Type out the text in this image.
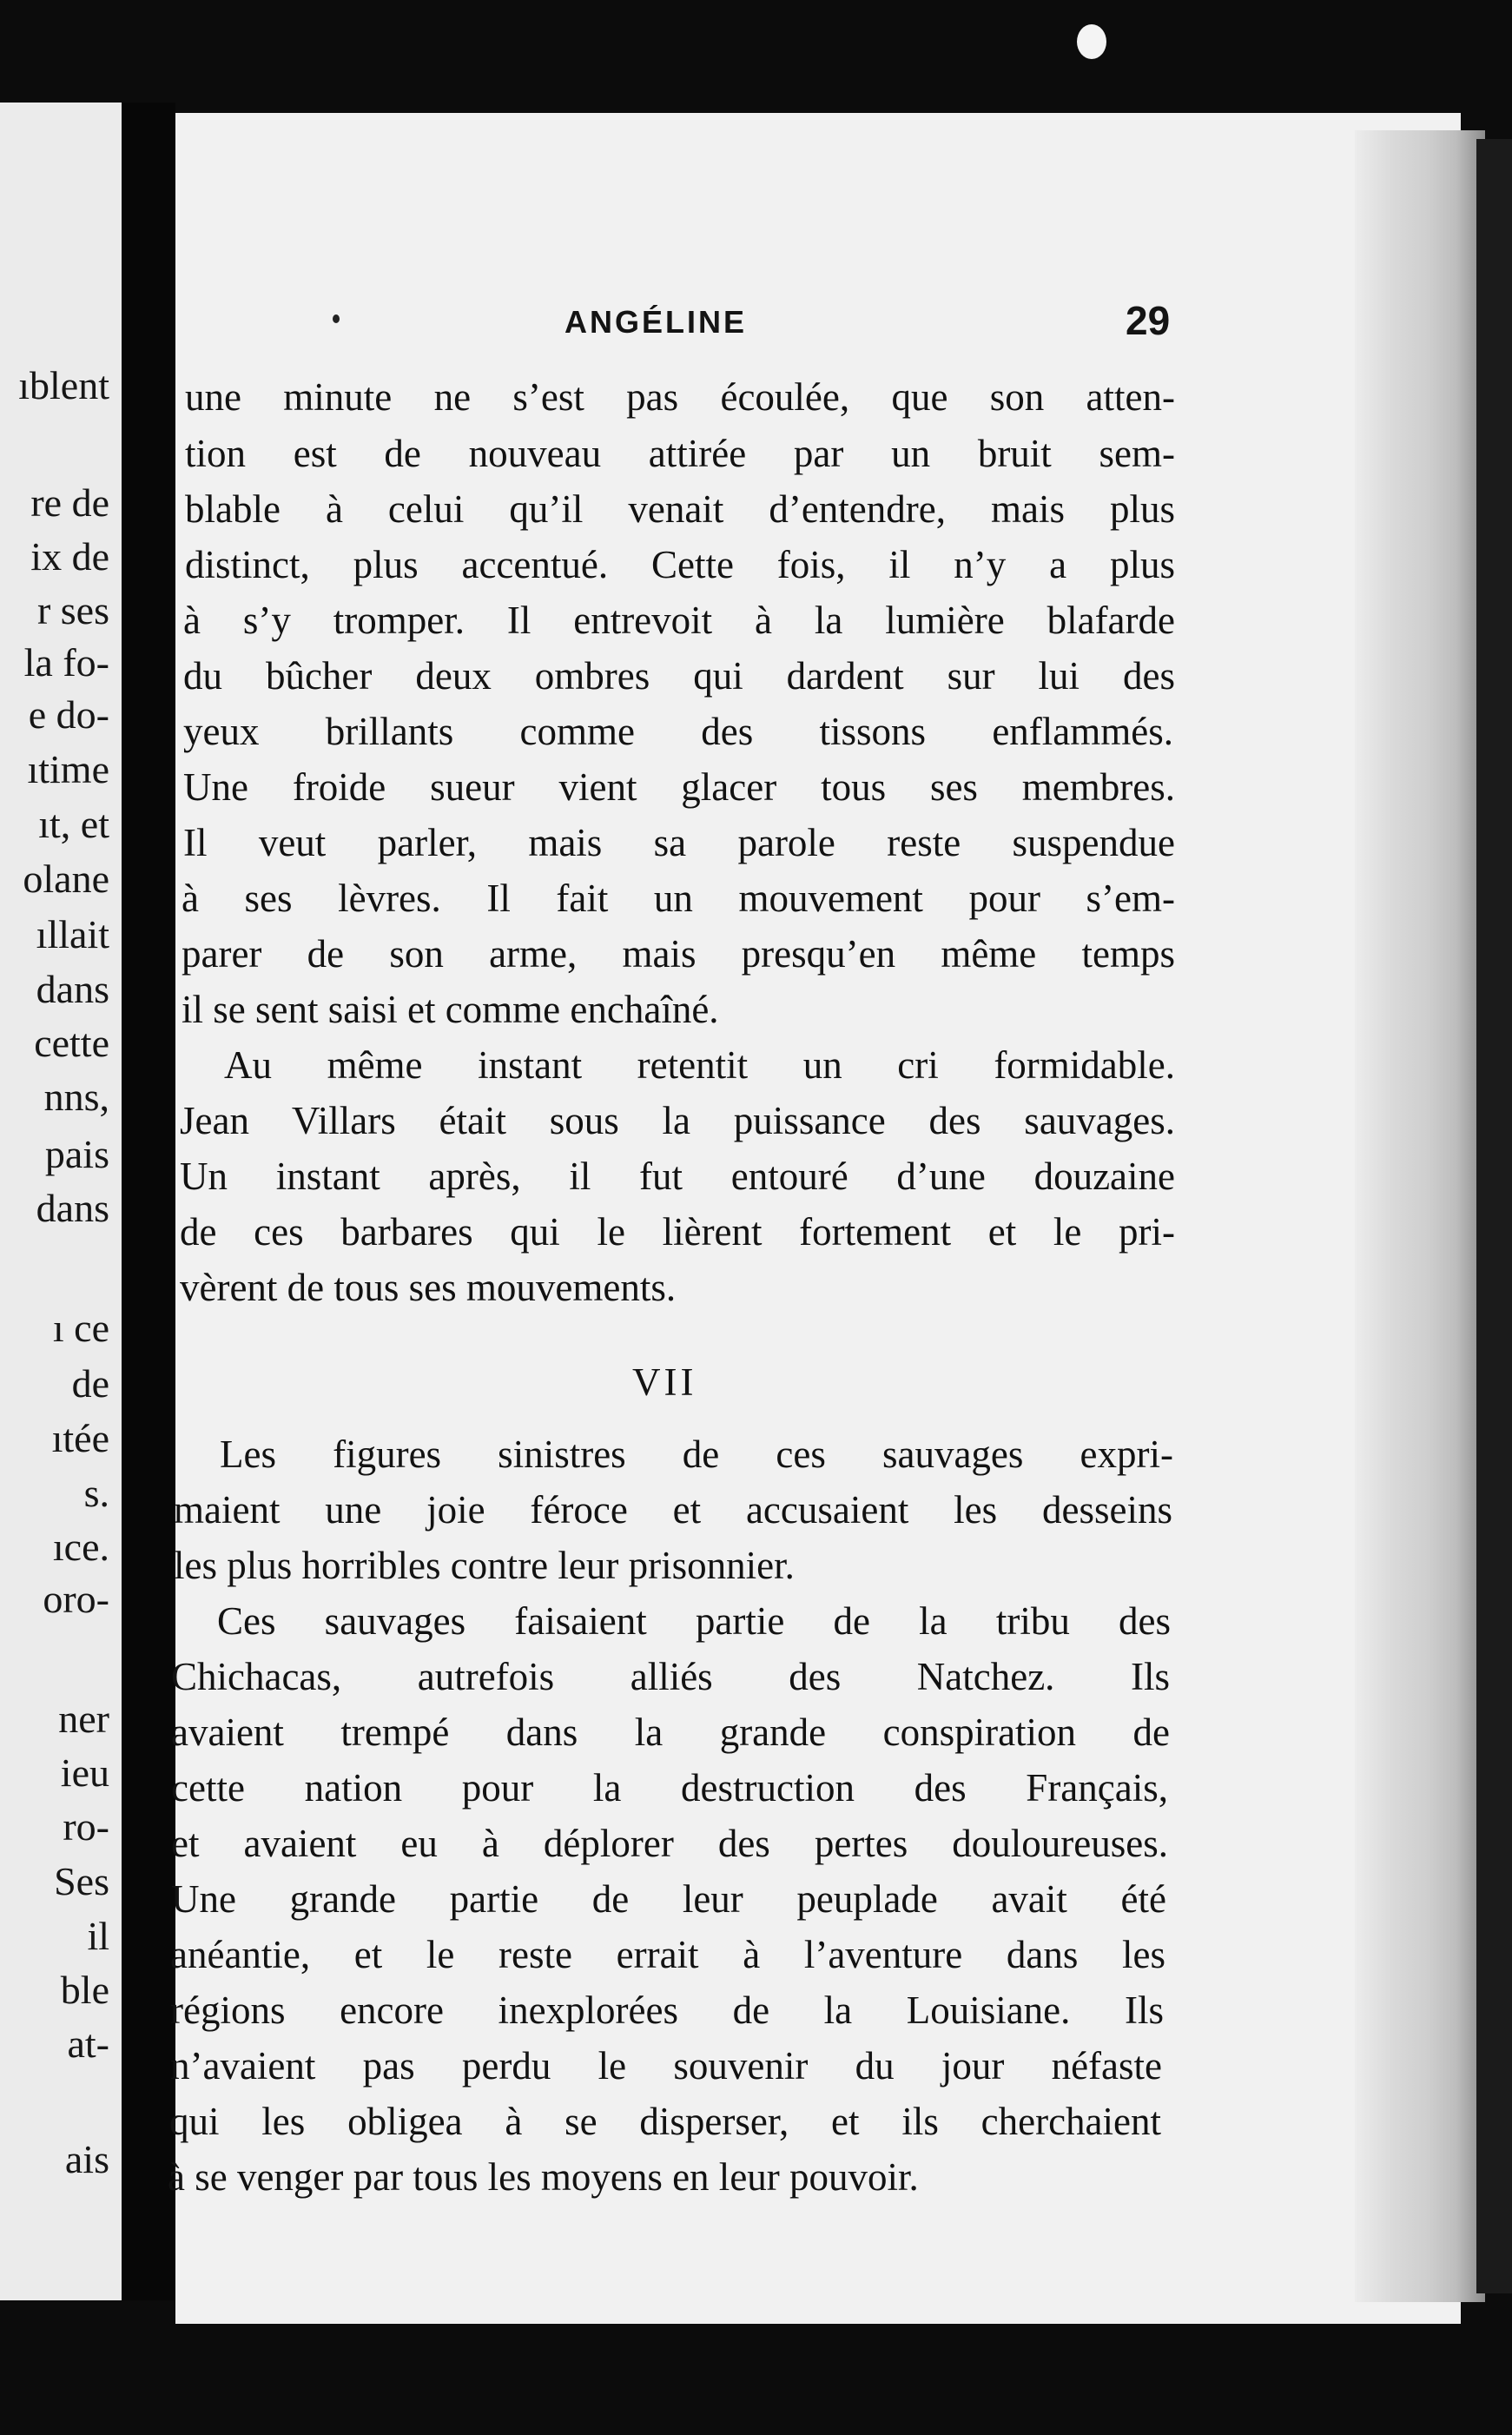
ıblent
re de
ix de
r ses
la fo-
e do-
ıtime
ıt, et
olane
ıllait
dans
cette
nns,
pais
dans
ı ce
de
ıtée
s.
ıce.
oro-
ner
ieu
ro-
Ses
il
ble
at-
ais
ANGÉLINE	29
une minute ne s’est pas écoulée, que son atten-
tion est de nouveau attirée par un bruit sem-
blable à celui qu’il venait d’entendre, mais plus
distinct, plus accentué. Cette fois, il n’y a plus
à s’y tromper. Il entrevoit à la lumière blafarde
du bûcher deux ombres qui dardent sur lui des
yeux brillants comme des tissons enflammés.
Une froide sueur vient glacer tous ses membres.
Il veut parler, mais sa parole reste suspendue
à ses lèvres. Il fait un mouvement pour s’em-
parer de son arme, mais presqu’en même temps
il se sent saisi et comme enchaîné.
Au même instant retentit un cri formidable.
Jean Villars était sous la puissance des sauvages.
Un instant après, il fut entouré d’une douzaine
de ces barbares qui le lièrent fortement et le pri-
vèrent de tous ses mouvements.
VII
Les figures sinistres de ces sauvages expri-
maient une joie féroce et accusaient les desseins
les plus horribles contre leur prisonnier.
Ces sauvages faisaient partie de la tribu des
Chichacas, autrefois alliés des Natchez. Ils
avaient trempé dans la grande conspiration de
cette nation pour la destruction des Français,
et avaient eu à déplorer des pertes douloureuses.
Une grande partie de leur peuplade avait été
anéantie, et le reste errait à l’aventure dans les
régions encore inexplorées de la Louisiane. Ils
n’avaient pas perdu le souvenir du jour néfaste
qui les obligea à se disperser, et ils cherchaient
à se venger par tous les moyens en leur pouvoir.
